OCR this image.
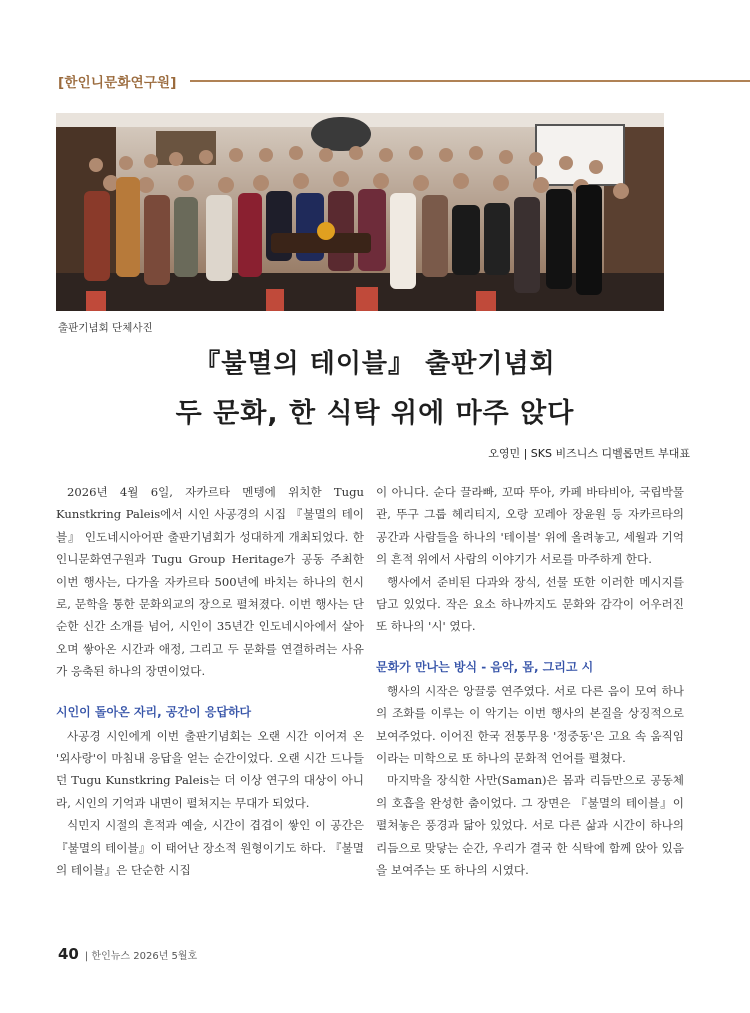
[한인니문화연구원]
출판기념회 단체사진
『불멸의 테이블』 출판기념회
두 문화, 한 식탁 위에 마주 앉다
오영민 | SKS 비즈니스 디벨롭먼트 부대표

2026년 4월 6일, 자카르타 멘텡에 위치한 Tugu Kunstkring Paleis에서 시인 사공경의 시집 『불멸의 테이블』 인도네시아어판 출판기념회가 성대하게 개최되었다. 한인니문화연구원과 Tugu Group Heritage가 공동 주최한 이번 행사는, 다가올 자카르타 500년에 바치는 하나의 헌시로, 문학을 통한 문화외교의 장으로 펼쳐졌다. 이번 행사는 단순한 신간 소개를 넘어, 시인이 35년간 인도네시아에서 살아오며 쌓아온 시간과 애정, 그리고 두 문화를 연결하려는 사유가 응축된 하나의 장면이었다.

시인이 돌아온 자리, 공간이 응답하다

사공경 시인에게 이번 출판기념회는 오랜 시간 이어져 온 '외사랑'이 마침내 응답을 얻는 순간이었다. 오랜 시간 드나들던 Tugu Kunstkring Paleis는 더 이상 연구의 대상이 아니라, 시인의 기억과 내면이 펼쳐지는 무대가 되었다.

식민지 시절의 흔적과 예술, 시간이 겹겹이 쌓인 이 공간은 『불멸의 테이블』이 태어난 장소적 원형이기도 하다. 『불멸의 테이블』은 단순한 시집

이 아니다. 순다 끌라빠, 꼬따 뚜아, 카페 바타비아, 국립박물관, 뚜구 그룹 헤리티지, 오랑 꼬레아 장윤원 등 자카르타의 공간과 사람들을 하나의 '테이블' 위에 올려놓고, 세월과 기억의 흔적 위에서 사람의 이야기가 서로를 마주하게 한다.

행사에서 준비된 다과와 장식, 선물 또한 이러한 메시지를 담고 있었다. 작은 요소 하나까지도 문화와 감각이 어우러진 또 하나의 '시' 였다.

문화가 만나는 방식 - 음악, 몸, 그리고 시

행사의 시작은 앙끌룽 연주였다. 서로 다른 음이 모여 하나의 조화를 이루는 이 악기는 이번 행사의 본질을 상징적으로 보여주었다. 이어진 한국 전통무용 '정중동'은 고요 속 움직임이라는 미학으로 또 하나의 문화적 언어를 펼쳤다.

마지막을 장식한 사만(Saman)은 몸과 리듬만으로 공동체의 호흡을 완성한 춤이었다. 그 장면은 『불멸의 테이블』이 펼쳐놓은 풍경과 닮아 있었다. 서로 다른 삶과 시간이 하나의 리듬으로 맞닿는 순간, 우리가 결국 한 식탁에 함께 앉아 있음을 보여주는 또 하나의 시였다.

40 | 한인뉴스 2026년 5월호
